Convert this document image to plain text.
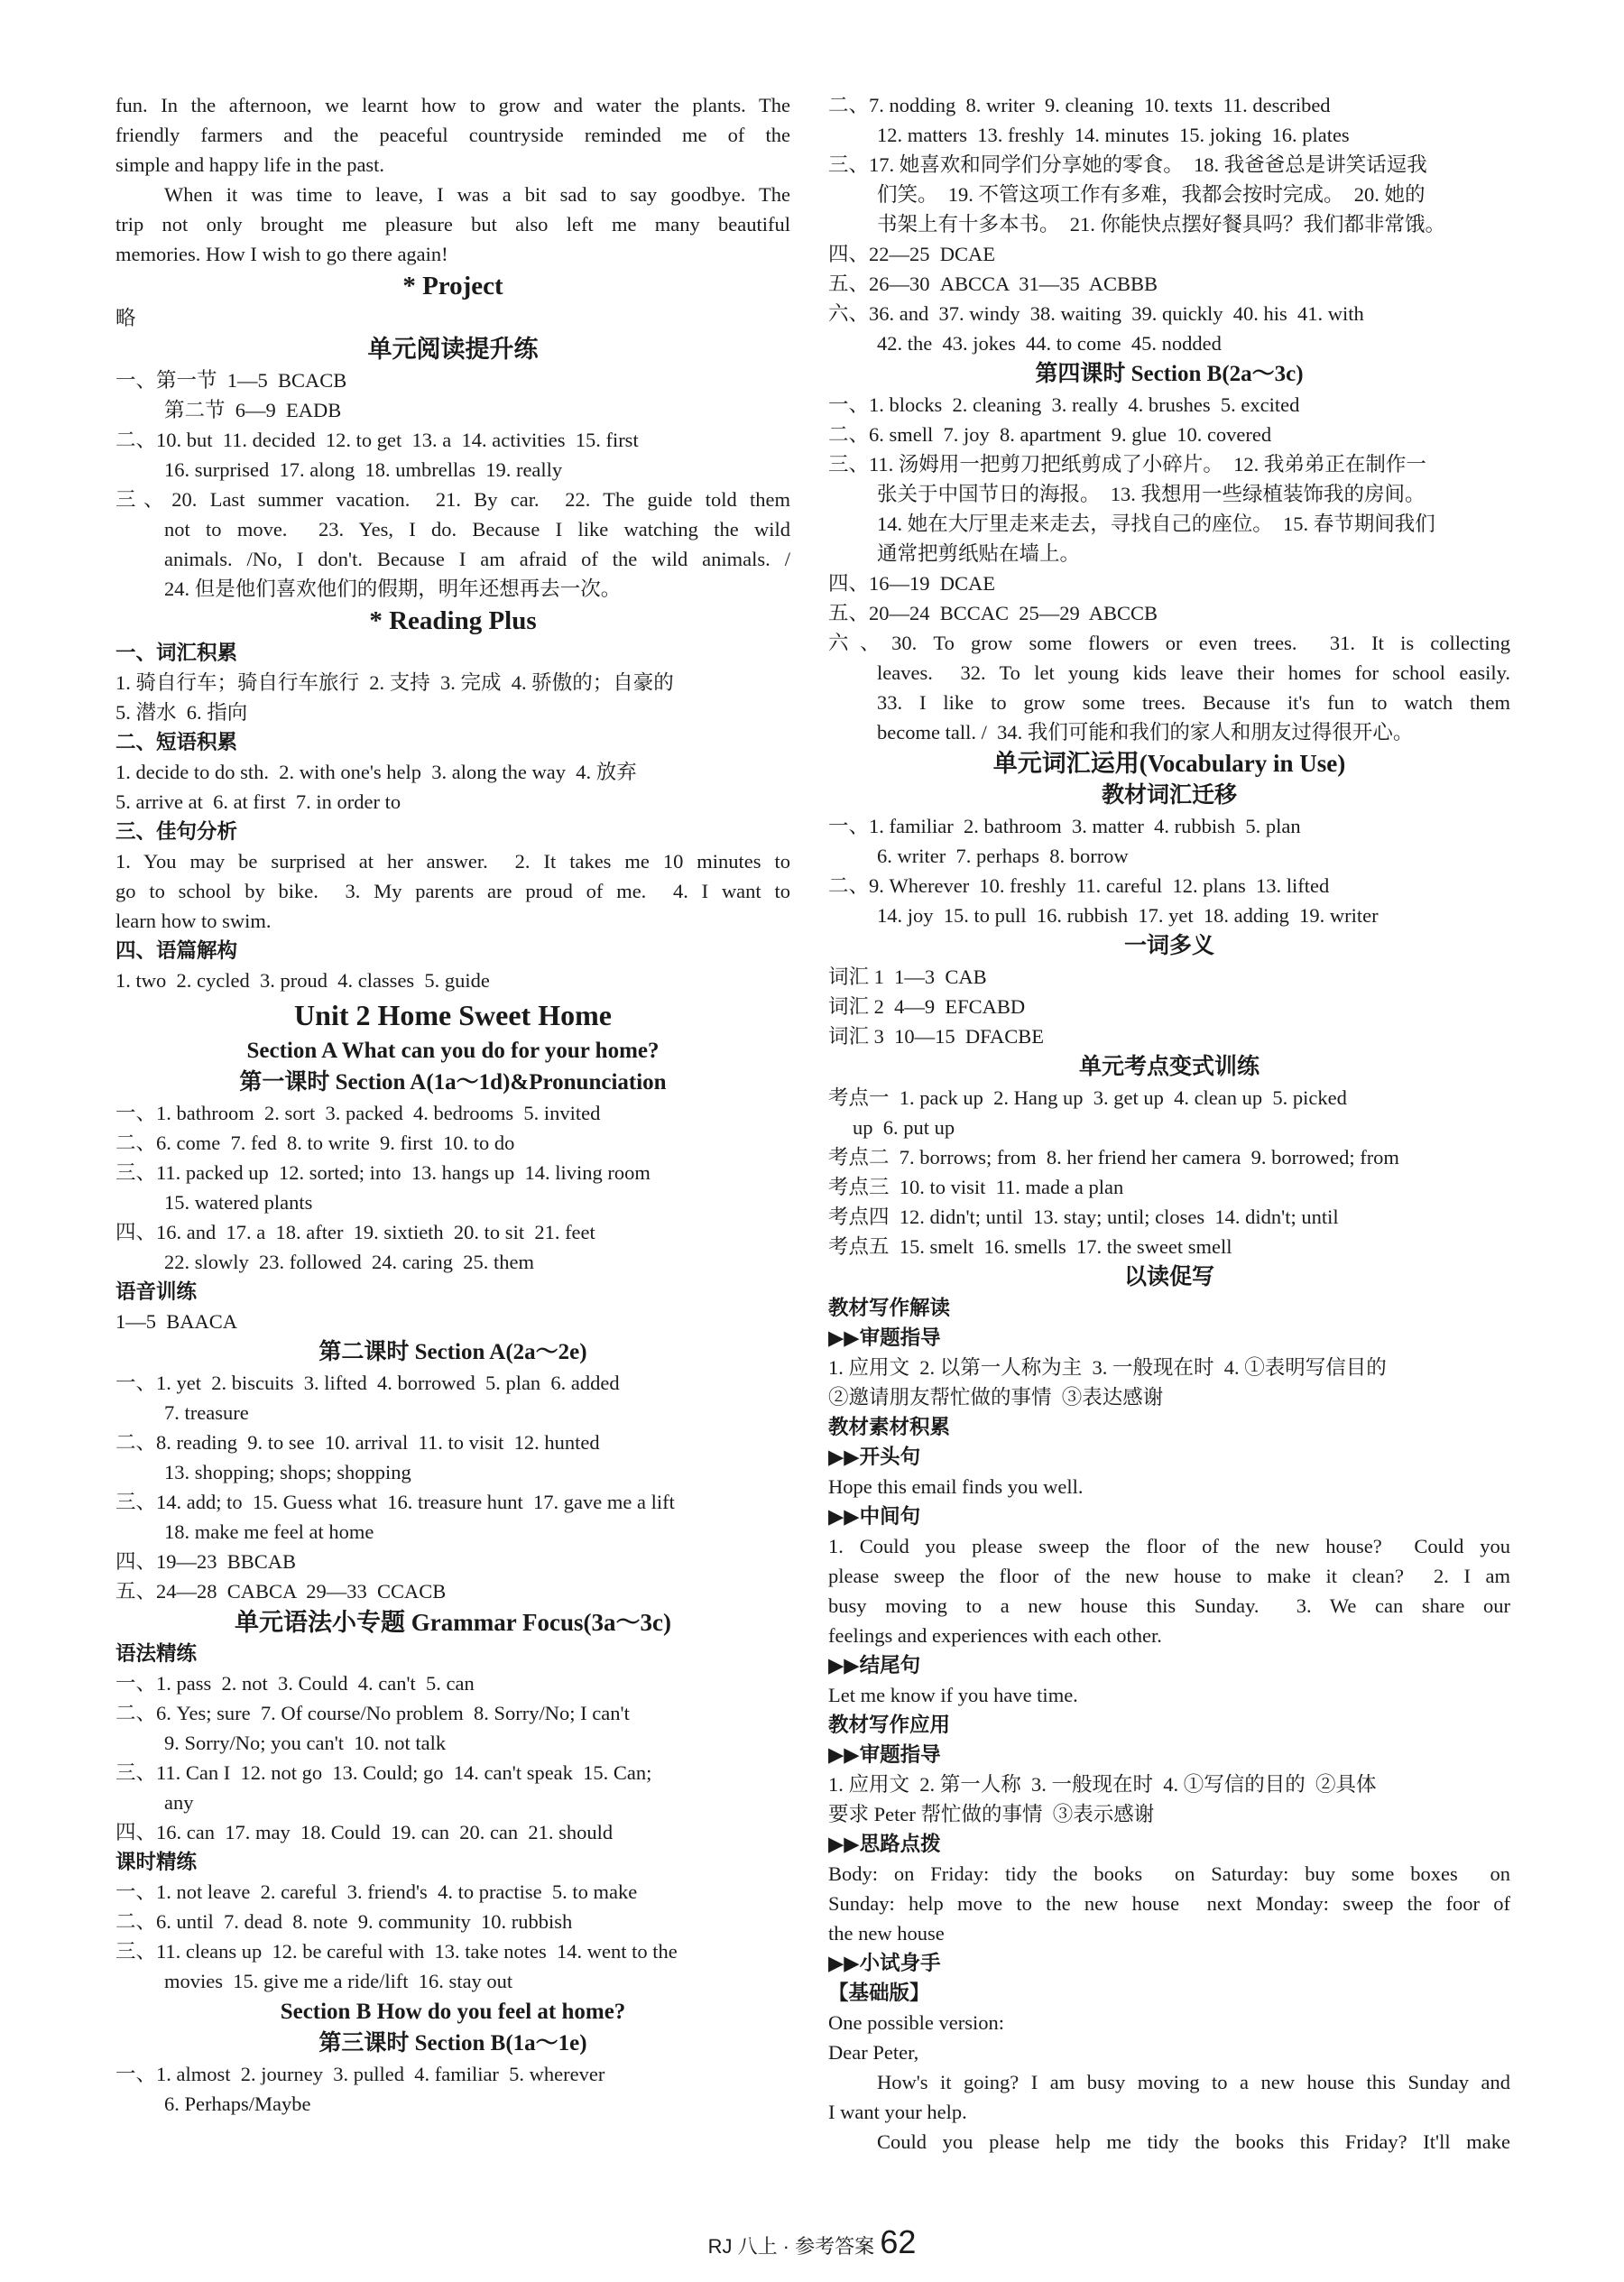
fun. In the afternoon, we learnt how to grow and water the plants. The
friendly farmers and the peaceful countryside reminded me of the
simple and happy life in the past.
When it was time to leave, I was a bit sad to say goodbye. The
trip not only brought me pleasure but also left me many beautiful
memories. How I wish to go there again!
* Project
略
单元阅读提升练
一、第一节  1—5  BCACB
第二节  6—9  EADB
二、10. but  11. decided  12. to get  13. a  14. activities  15. first
16. surprised  17. along  18. umbrellas  19. really
三、20. Last summer vacation.  21. By car.  22. The guide told them
not to move.  23. Yes, I do. Because I like watching the wild
animals. /No, I don't. Because I am afraid of the wild animals. /
24. 但是他们喜欢他们的假期，明年还想再去一次。
* Reading Plus
一、词汇积累
1. 骑自行车；骑自行车旅行  2. 支持  3. 完成  4. 骄傲的；自豪的
5. 潜水  6. 指向
二、短语积累
1. decide to do sth.  2. with one's help  3. along the way  4. 放弃
5. arrive at  6. at first  7. in order to
三、佳句分析
1. You may be surprised at her answer.  2. It takes me 10 minutes to
go to school by bike.  3. My parents are proud of me.  4. I want to
learn how to swim.
四、语篇解构
1. two  2. cycled  3. proud  4. classes  5. guide
Unit 2 Home Sweet Home
Section A What can you do for your home?
第一课时 Section A(1a～1d)&Pronunciation
一、1. bathroom  2. sort  3. packed  4. bedrooms  5. invited
二、6. come  7. fed  8. to write  9. first  10. to do
三、11. packed up  12. sorted; into  13. hangs up  14. living room
15. watered plants
四、16. and  17. a  18. after  19. sixtieth  20. to sit  21. feet
22. slowly  23. followed  24. caring  25. them
语音训练
1—5  BAACA
第二课时 Section A(2a～2e)
一、1. yet  2. biscuits  3. lifted  4. borrowed  5. plan  6. added
7. treasure
二、8. reading  9. to see  10. arrival  11. to visit  12. hunted
13. shopping; shops; shopping
三、14. add; to  15. Guess what  16. treasure hunt  17. gave me a lift
18. make me feel at home
四、19—23  BBCAB
五、24—28  CABCA  29—33  CCACB
单元语法小专题 Grammar Focus(3a～3c)
语法精练
一、1. pass  2. not  3. Could  4. can't  5. can
二、6. Yes; sure  7. Of course/No problem  8. Sorry/No; I can't
9. Sorry/No; you can't  10. not talk
三、11. Can I  12. not go  13. Could; go  14. can't speak  15. Can;
any
四、16. can  17. may  18. Could  19. can  20. can  21. should
课时精练
一、1. not leave  2. careful  3. friend's  4. to practise  5. to make
二、6. until  7. dead  8. note  9. community  10. rubbish
三、11. cleans up  12. be careful with  13. take notes  14. went to the
movies  15. give me a ride/lift  16. stay out
Section B How do you feel at home?
第三课时 Section B(1a～1e)
一、1. almost  2. journey  3. pulled  4. familiar  5. wherever
6. Perhaps/Maybe
二、7. nodding  8. writer  9. cleaning  10. texts  11. described
12. matters  13. freshly  14. minutes  15. joking  16. plates
三、17. 她喜欢和同学们分享她的零食。  18. 我爸爸总是讲笑话逗我
们笑。  19. 不管这项工作有多难，我都会按时完成。  20. 她的
书架上有十多本书。  21. 你能快点摆好餐具吗？我们都非常饿。
四、22—25  DCAE
五、26—30  ABCCA  31—35  ACBBB
六、36. and  37. windy  38. waiting  39. quickly  40. his  41. with
42. the  43. jokes  44. to come  45. nodded
第四课时 Section B(2a～3c)
一、1. blocks  2. cleaning  3. really  4. brushes  5. excited
二、6. smell  7. joy  8. apartment  9. glue  10. covered
三、11. 汤姆用一把剪刀把纸剪成了小碎片。  12. 我弟弟正在制作一
张关于中国节日的海报。  13. 我想用一些绿植装饰我的房间。
14. 她在大厅里走来走去，寻找自己的座位。  15. 春节期间我们
通常把剪纸贴在墙上。
四、16—19  DCAE
五、20—24  BCCAC  25—29  ABCCB
六、30. To grow some flowers or even trees.  31. It is collecting
leaves.  32. To let young kids leave their homes for school easily.
33. I like to grow some trees. Because it's fun to watch them
become tall. /  34. 我们可能和我们的家人和朋友过得很开心。
单元词汇运用(Vocabulary in Use)
教材词汇迁移
一、1. familiar  2. bathroom  3. matter  4. rubbish  5. plan
6. writer  7. perhaps  8. borrow
二、9. Wherever  10. freshly  11. careful  12. plans  13. lifted
14. joy  15. to pull  16. rubbish  17. yet  18. adding  19. writer
一词多义
词汇 1  1—3  CAB
词汇 2  4—9  EFCABD
词汇 3  10—15  DFACBE
单元考点变式训练
考点一  1. pack up  2. Hang up  3. get up  4. clean up  5. picked
up  6. put up
考点二  7. borrows; from  8. her friend her camera  9. borrowed; from
考点三  10. to visit  11. made a plan
考点四  12. didn't; until  13. stay; until; closes  14. didn't; until
考点五  15. smelt  16. smells  17. the sweet smell
以读促写
教材写作解读
▶▶审题指导
1. 应用文  2. 以第一人称为主  3. 一般现在时  4. ①表明写信目的
②邀请朋友帮忙做的事情  ③表达感谢
教材素材积累
▶▶开头句
Hope this email finds you well.
▶▶中间句
1. Could you please sweep the floor of the new house?  Could you
please sweep the floor of the new house to make it clean?  2. I am
busy moving to a new house this Sunday.  3. We can share our
feelings and experiences with each other.
▶▶结尾句
Let me know if you have time.
教材写作应用
▶▶审题指导
1. 应用文  2. 第一人称  3. 一般现在时  4. ①写信的目的  ②具体
要求 Peter 帮忙做的事情  ③表示感谢
▶▶思路点拨
Body: on Friday: tidy the books  on Saturday: buy some boxes  on
Sunday: help move to the new house  next Monday: sweep the foor of
the new house
▶▶小试身手
【基础版】
One possible version:
Dear Peter,
How's it going? I am busy moving to a new house this Sunday and
I want your help.
Could you please help me tidy the books this Friday? It'll make
RJ 八上 · 参考答案 62
